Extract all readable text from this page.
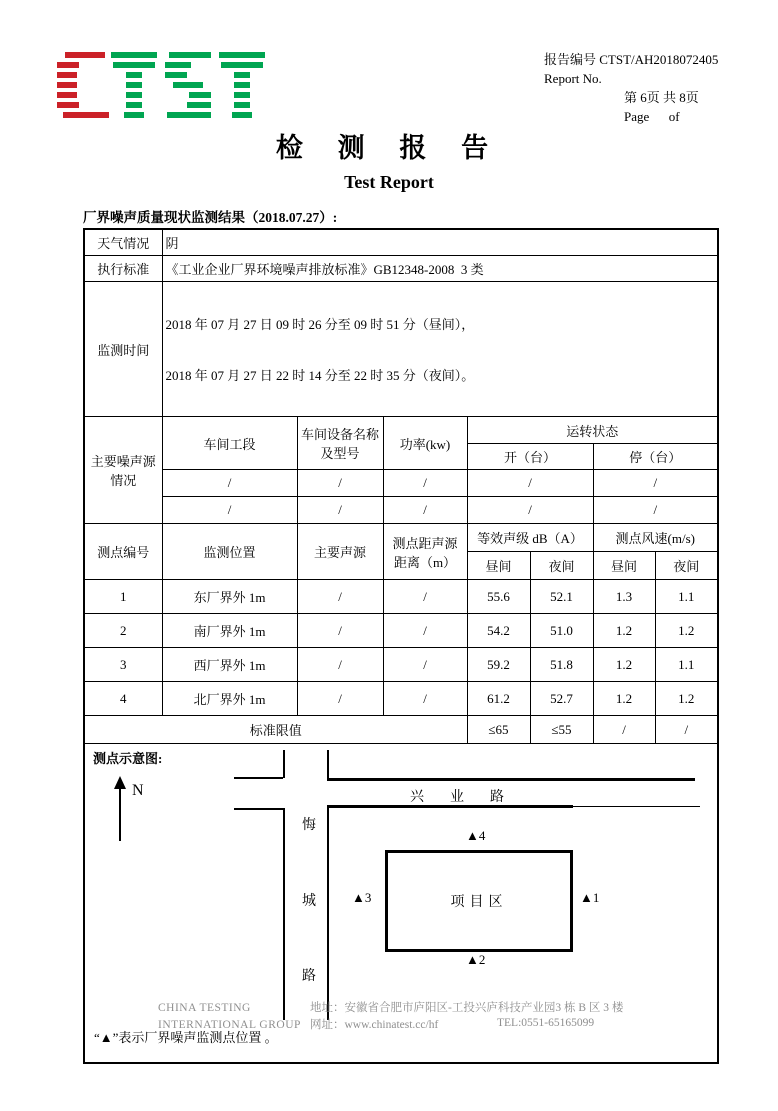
报告编号 CTST/AH2018072405
Report No.
第 6页 共 8页
Page      of
检 测 报 告
Test Report
厂界噪声质量现状监测结果（2018.07.27）:
天气情况	阴						
执行标准	《工业企业厂界环境噪声排放标准》GB12348-2008  3 类						
监测时间	2018 年 07 月 27 日 09 时 26 分至 09 时 51 分（昼间），

2018 年 07 月 27 日 22 时 14 分至 22 时 35 分（夜间）。						

主要噪声源情况	车间工段	车间设备名称及型号	功率(kw)	运转状态			
				开（台）		停（台）	
	/	/	/	/		/	
	/	/	/	/		/	
测点编号	监测位置	主要声源	测点距声源距离（m）	等效声级 dB（A）		测点风速(m/s)	
				昼间	夜间	昼间	夜间
1	东厂界外 1m	/	/	55.6	52.1	1.3	1.1
2	南厂界外 1m	/	/	54.2	51.0	1.2	1.2
3	西厂界外 1m	/	/	59.2	51.8	1.2	1.1
4	北厂界外 1m	/	/	61.2	52.7	1.2	1.2
标准限值				≤65	≤55	/	/

测点示意图:
N	兴业路
悔
城
路
项目区	▲1
▲2
▲3
▲4
“▲”表示厂界噪声监测点位置 。
CHINA TESTING
INTERNATIONAL GROUP
地址：安徽省合肥市庐阳区-工投兴庐科技产业园3 栋 B 区 3 楼
网址：www.chinatest.cc/hf	TEL:0551-65165099
